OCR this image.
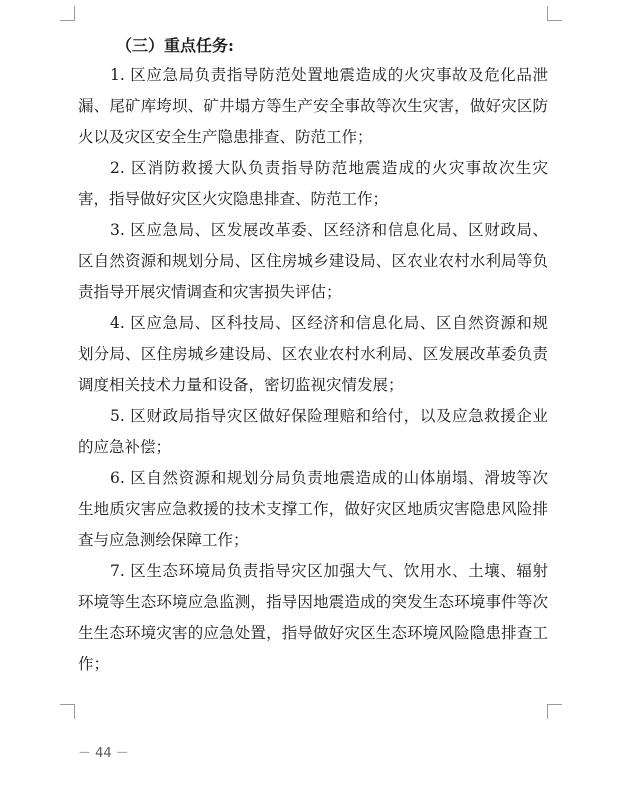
（三）重点任务:
1. 区应急局负责指导防范处置地震造成的火灾事故及危化品泄漏、尾矿库垮坝、矿井塌方等生产安全事故等次生灾害，做好灾区防火以及灾区安全生产隐患排查、防范工作；
2. 区消防救援大队负责指导防范地震造成的火灾事故次生灾害，指导做好灾区火灾隐患排查、防范工作；
3. 区应急局、区发展改革委、区经济和信息化局、区财政局、区自然资源和规划分局、区住房城乡建设局、区农业农村水利局等负责指导开展灾情调查和灾害损失评估；
4. 区应急局、区科技局、区经济和信息化局、区自然资源和规划分局、区住房城乡建设局、区农业农村水利局、区发展改革委负责调度相关技术力量和设备，密切监视灾情发展；
5. 区财政局指导灾区做好保险理赔和给付，以及应急救援企业的应急补偿；
6. 区自然资源和规划分局负责地震造成的山体崩塌、滑坡等次生地质灾害应急救援的技术支撑工作，做好灾区地质灾害隐患风险排查与应急测绘保障工作；
7. 区生态环境局负责指导灾区加强大气、饮用水、土壤、辐射环境等生态环境应急监测，指导因地震造成的突发生态环境事件等次生生态环境灾害的应急处置，指导做好灾区生态环境风险隐患排查工作；
－ 44 －
